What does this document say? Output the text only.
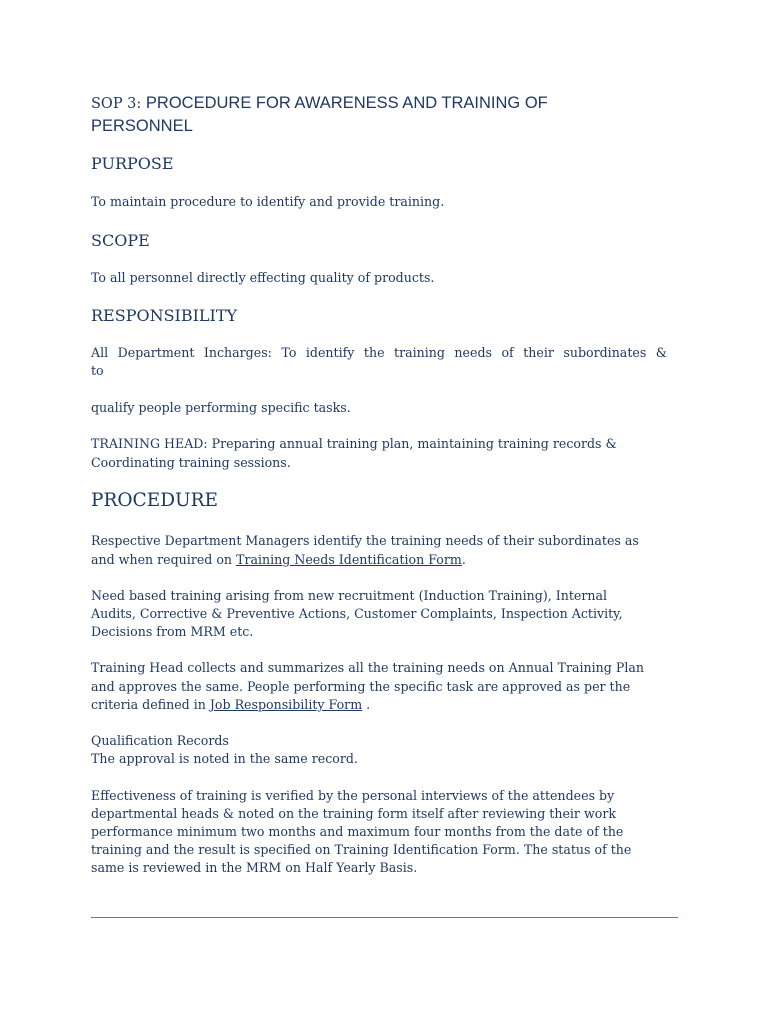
SOP 3: PROCEDURE FOR AWARENESS AND TRAINING OF
PERSONNEL
PURPOSE

To maintain procedure to identify and provide training.

SCOPE

To all personnel directly effecting quality of products.

RESPONSIBILITY

All Department Incharges: To identify the training needs of their subordinates &

to

qualify people performing specific tasks.

TRAINING HEAD: Preparing annual training plan, maintaining training records &

Coordinating training sessions.

PROCEDURE

Respective Department Managers identify the training needs of their subordinates as

and when required on Training Needs Identification Form.

Need based training arising from new recruitment (Induction Training), Internal

Audits, Corrective & Preventive Actions, Customer Complaints, Inspection Activity,

Decisions from MRM etc.

Training Head collects and summarizes all the training needs on Annual Training Plan

and approves the same. People performing the specific task are approved as per the

criteria defined in Job Responsibility Form .

Qualification Records

The approval is noted in the same record.

Effectiveness of training is verified by the personal interviews of the attendees by

departmental heads & noted on the training form itself after reviewing their work

performance minimum two months and maximum four months from the date of the

training and the result is specified on Training Identification Form. The status of the

same is reviewed in the MRM on Half Yearly Basis.
